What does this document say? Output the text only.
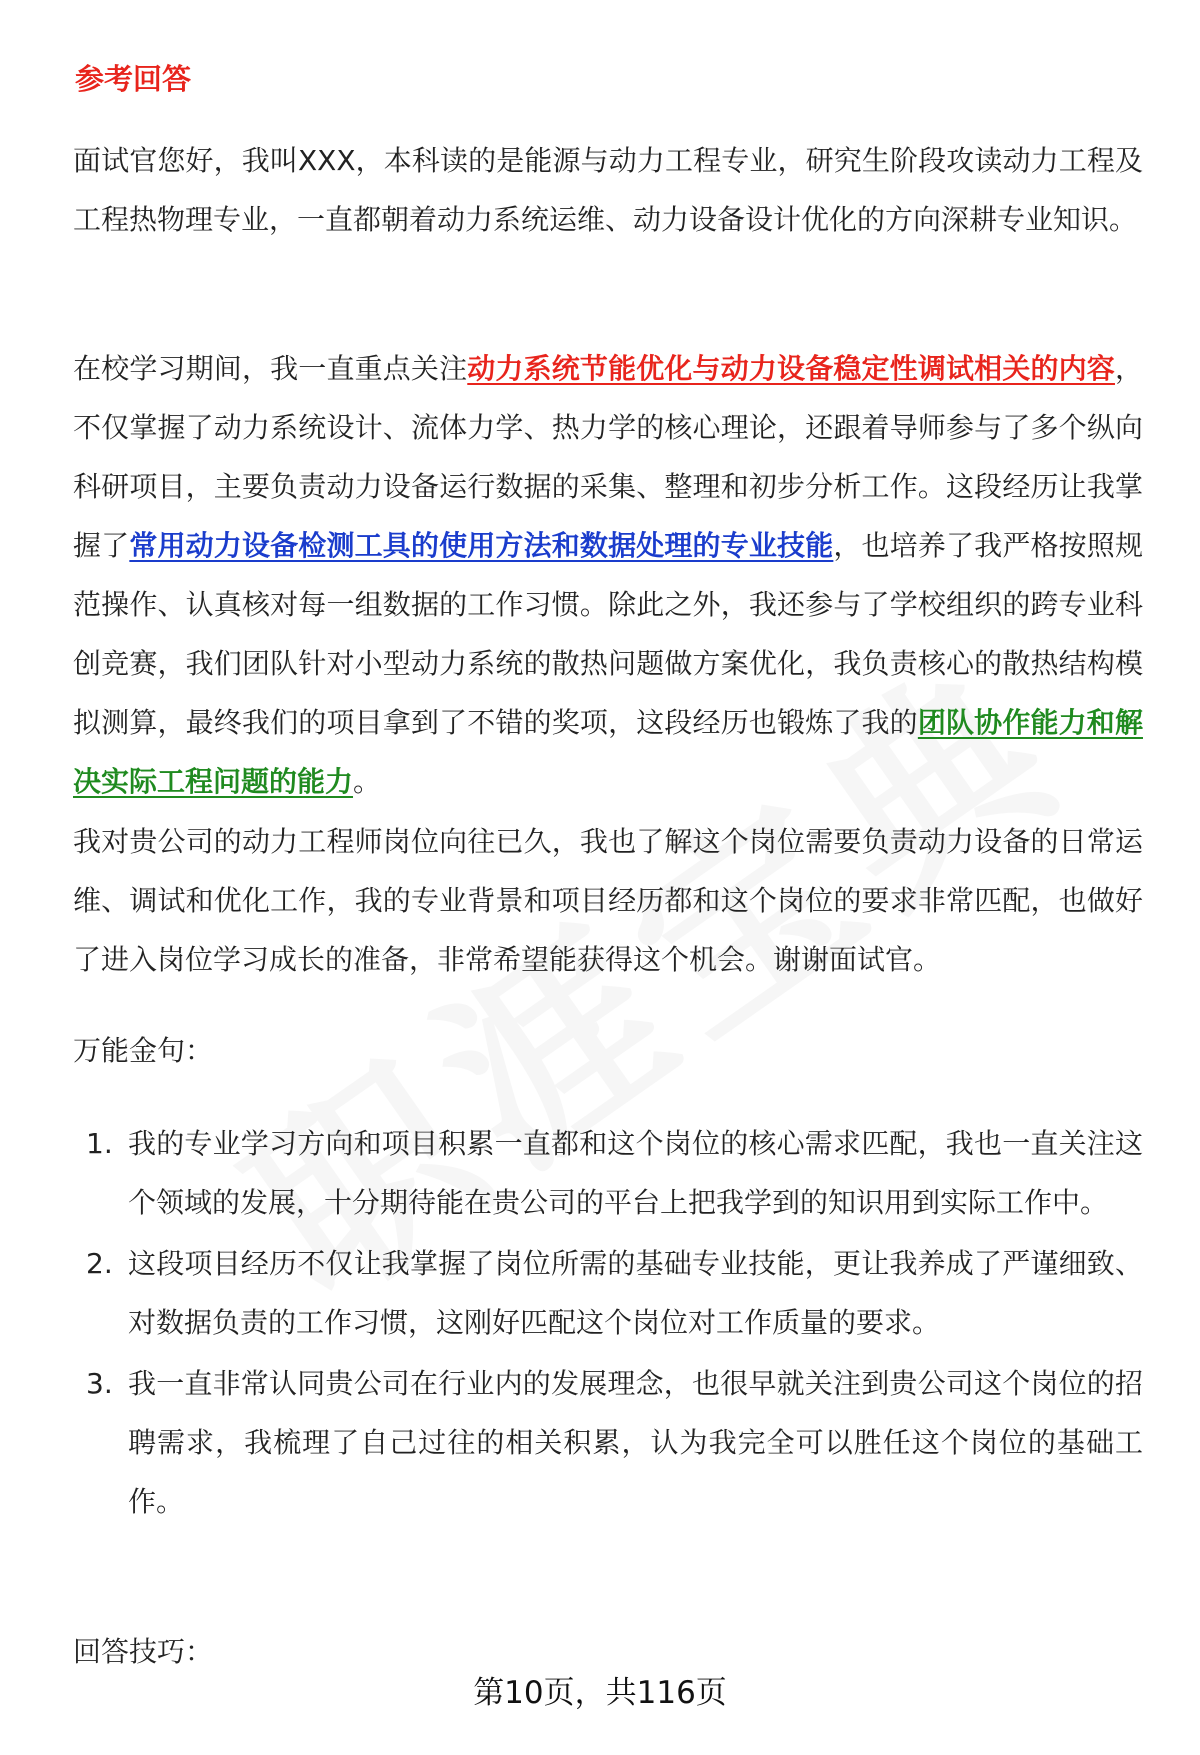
参考回答

面试官您好，我叫XXX，本科读的是能源与动力工程专业，研究生阶段攻读动力工程及工程热物理专业，一直都朝着动力系统运维、动力设备设计优化的方向深耕专业知识。

在校学习期间，我一直重点关注动力系统节能优化与动力设备稳定性调试相关的内容，不仅掌握了动力系统设计、流体力学、热力学的核心理论，还跟着导师参与了多个纵向科研项目，主要负责动力设备运行数据的采集、整理和初步分析工作。这段经历让我掌握了常用动力设备检测工具的使用方法和数据处理的专业技能，也培养了我严格按照规范操作、认真核对每一组数据的工作习惯。除此之外，我还参与了学校组织的跨专业科创竞赛，我们团队针对小型动力系统的散热问题做方案优化，我负责核心的散热结构模拟测算，最终我们的项目拿到了不错的奖项，这段经历也锻炼了我的团队协作能力和解决实际工程问题的能力。

我对贵公司的动力工程师岗位向往已久，我也了解这个岗位需要负责动力设备的日常运维、调试和优化工作，我的专业背景和项目经历都和这个岗位的要求非常匹配，也做好了进入岗位学习成长的准备，非常希望能获得这个机会。谢谢面试官。

万能金句：
1. 我的专业学习方向和项目积累一直都和这个岗位的核心需求匹配，我也一直关注这个领域的发展，十分期待能在贵公司的平台上把我学到的知识用到实际工作中。
2. 这段项目经历不仅让我掌握了岗位所需的基础专业技能，更让我养成了严谨细致、对数据负责的工作习惯，这刚好匹配这个岗位对工作质量的要求。
3. 我一直非常认同贵公司在行业内的发展理念，也很早就关注到贵公司这个岗位的招聘需求，我梳理了自己过往的相关积累，认为我完全可以胜任这个岗位的基础工作。
回答技巧：
第10页，共116页
